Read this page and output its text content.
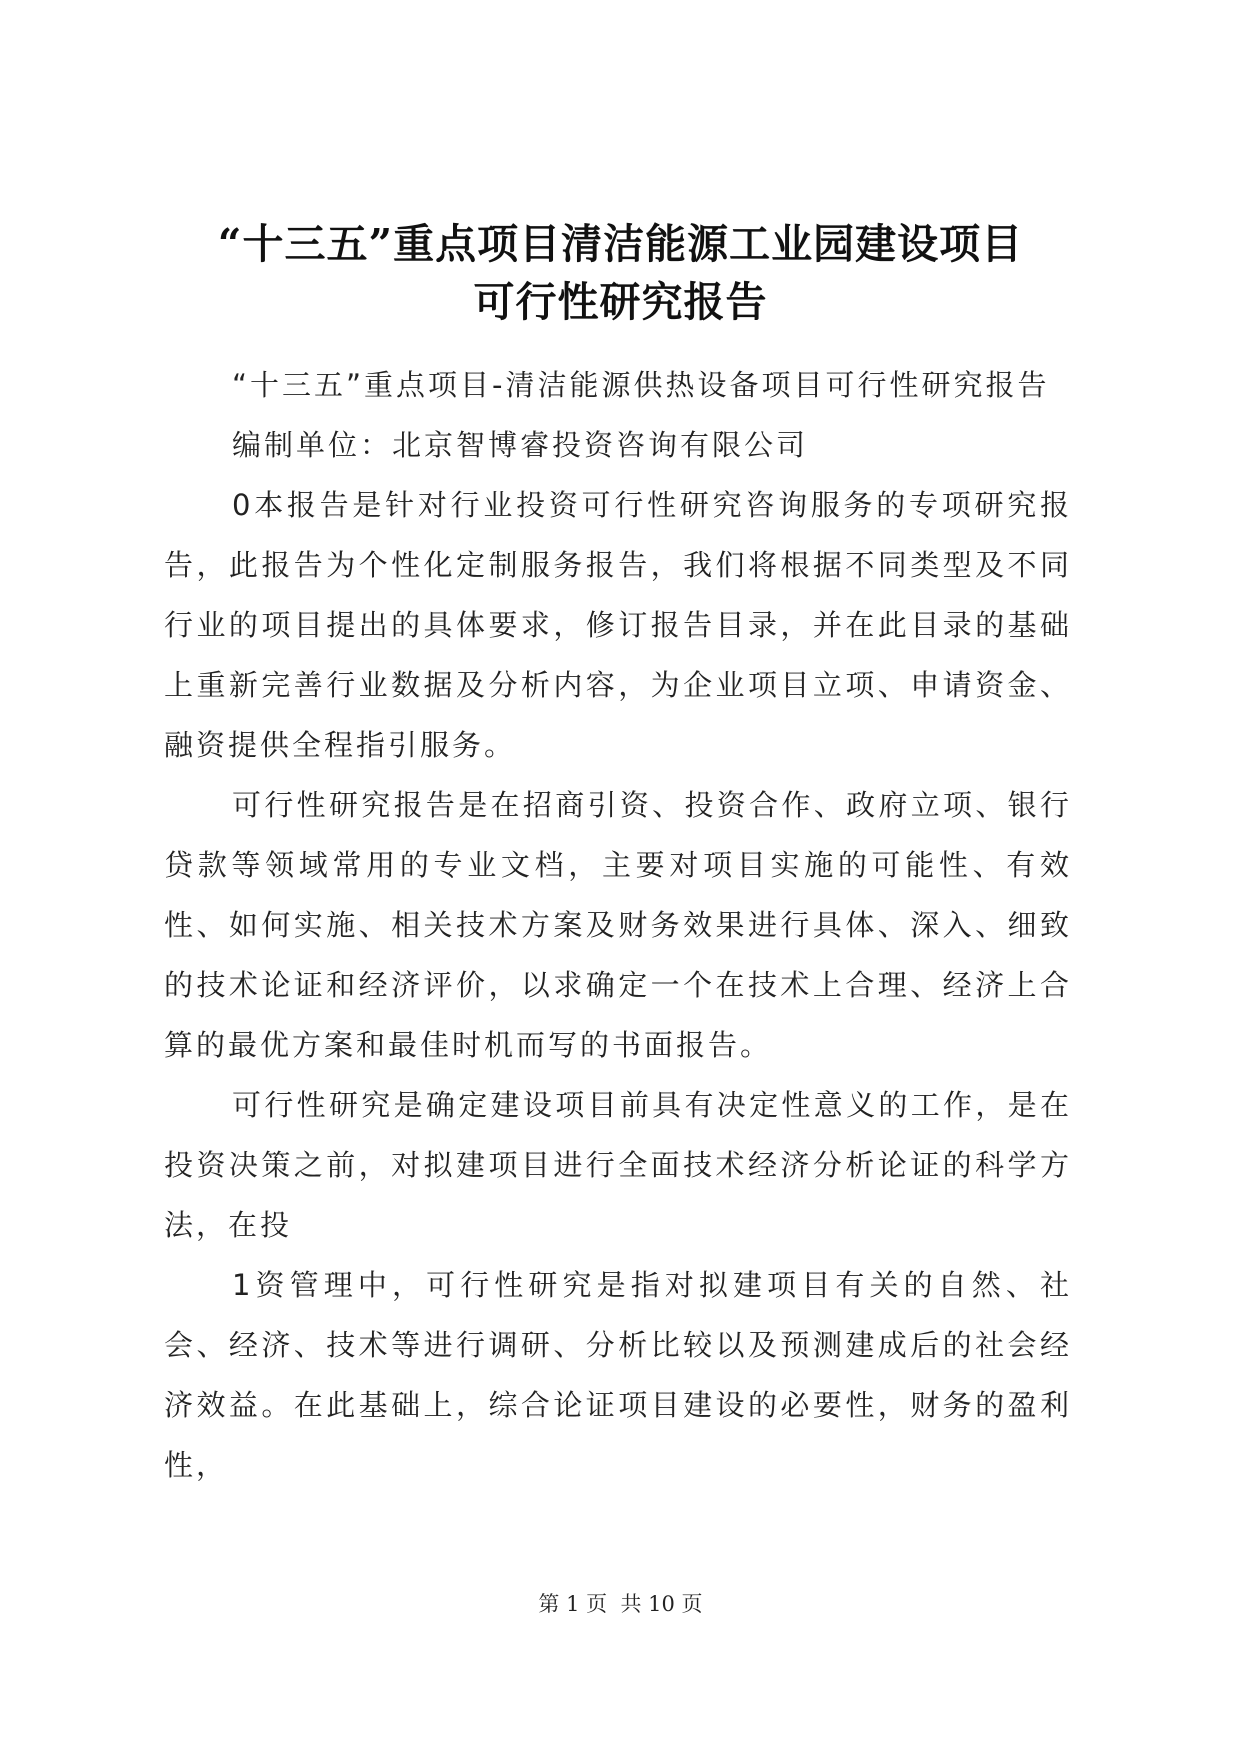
“十三五”重点项目清洁能源工业园建设项目
可行性研究报告

“十三五”重点项目-清洁能源供热设备项目可行性研究报告

编制单位：北京智博睿投资咨询有限公司

0本报告是针对行业投资可行性研究咨询服务的专项研究报告，此报告为个性化定制服务报告，我们将根据不同类型及不同行业的项目提出的具体要求，修订报告目录，并在此目录的基础上重新完善行业数据及分析内容，为企业项目立项、申请资金、融资提供全程指引服务。

可行性研究报告是在招商引资、投资合作、政府立项、银行贷款等领域常用的专业文档，主要对项目实施的可能性、有效性、如何实施、相关技术方案及财务效果进行具体、深入、细致的技术论证和经济评价，以求确定一个在技术上合理、经济上合算的最优方案和最佳时机而写的书面报告。

可行性研究是确定建设项目前具有决定性意义的工作，是在投资决策之前，对拟建项目进行全面技术经济分析论证的科学方法，在投

1资管理中，可行性研究是指对拟建项目有关的自然、社会、经济、技术等进行调研、分析比较以及预测建成后的社会经济效益。在此基础上，综合论证项目建设的必要性，财务的盈利性，

第 1 页  共 10 页
